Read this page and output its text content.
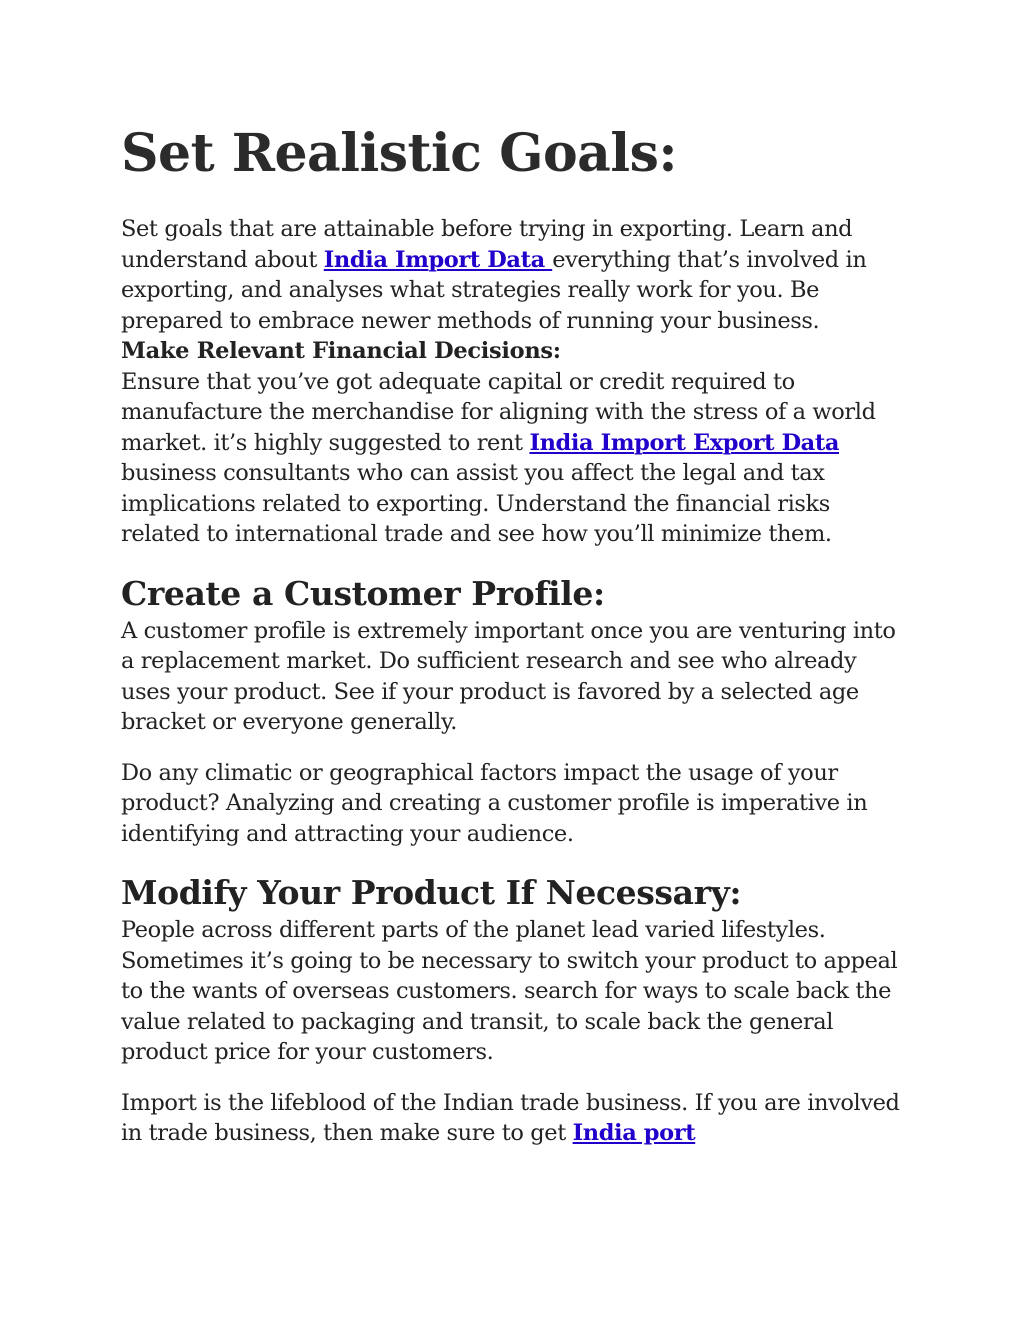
Set Realistic Goals:

Set goals that are attainable before trying in exporting. Learn and understand about India Import Data everything that’s involved in exporting, and analyses what strategies really work for you. Be prepared to embrace newer methods of running your business.

Make Relevant Financial Decisions:

Ensure that you’ve got adequate capital or credit required to manufacture the merchandise for aligning with the stress of a world market. it’s highly suggested to rent India Import Export Data business consultants who can assist you affect the legal and tax implications related to exporting. Understand the financial risks related to international trade and see how you’ll minimize them.

Create a Customer Profile:

A customer profile is extremely important once you are venturing into a replacement market. Do sufficient research and see who already uses your product. See if your product is favored by a selected age bracket or everyone generally.

Do any climatic or geographical factors impact the usage of your product? Analyzing and creating a customer profile is imperative in identifying and attracting your audience.

Modify Your Product If Necessary:

People across different parts of the planet lead varied lifestyles. Sometimes it’s going to be necessary to switch your product to appeal to the wants of overseas customers. search for ways to scale back the value related to packaging and transit, to scale back the general product price for your customers.

Import is the lifeblood of the Indian trade business. If you are involved in trade business, then make sure to get India port
